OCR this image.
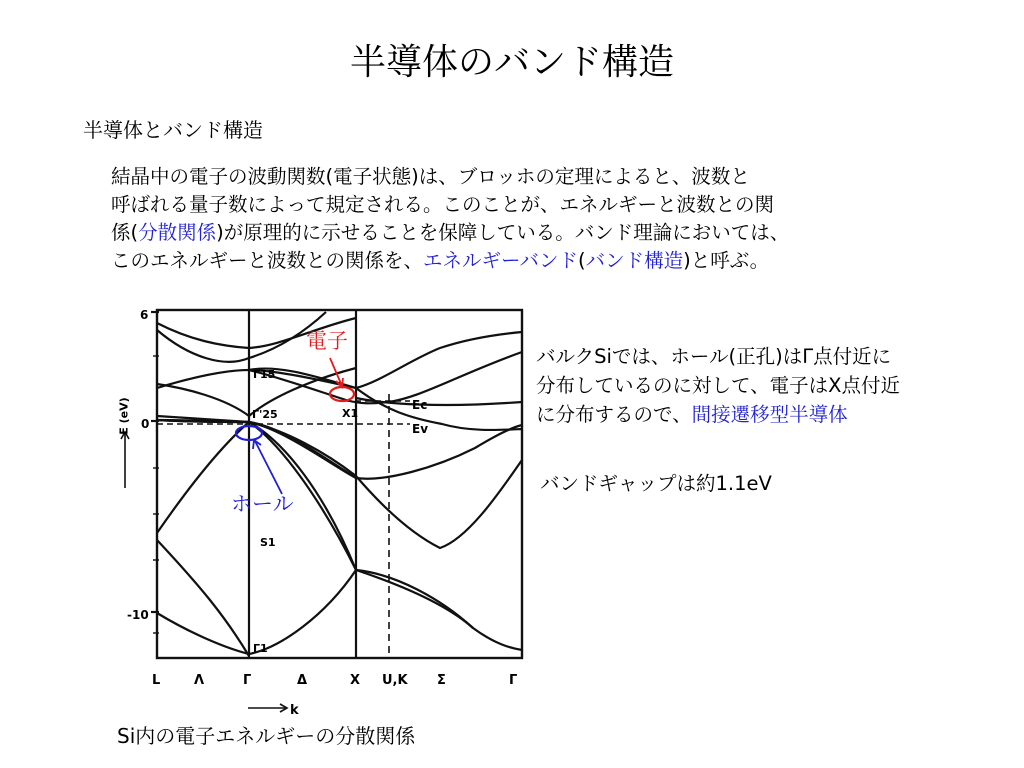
半導体のバンド構造
半導体とバンド構造
結晶中の電子の波動関数(電子状態)は、ブロッホの定理によると、波数と
呼ばれる量子数によって規定される。このことが、エネルギーと波数との関
係(分散関係)が原理的に示せることを保障している。バンド理論においては、
このエネルギーと波数との関係を、エネルギーバンド(バンド構造)と呼ぶ。
6
0
-10
E (eV)
L	Λ	Γ	Δ	X U,K Σ	Γ
k
Γ15
Γ'25	X1
S1
Γ1
Ec
Ev
電子
ホール
Si内の電子エネルギーの分散関係
バルクSiでは、ホール(正孔)はΓ点付近に
分布しているのに対して、電子はX点付近
に分布するので、間接遷移型半導体
バンドギャップは約1.1eV
